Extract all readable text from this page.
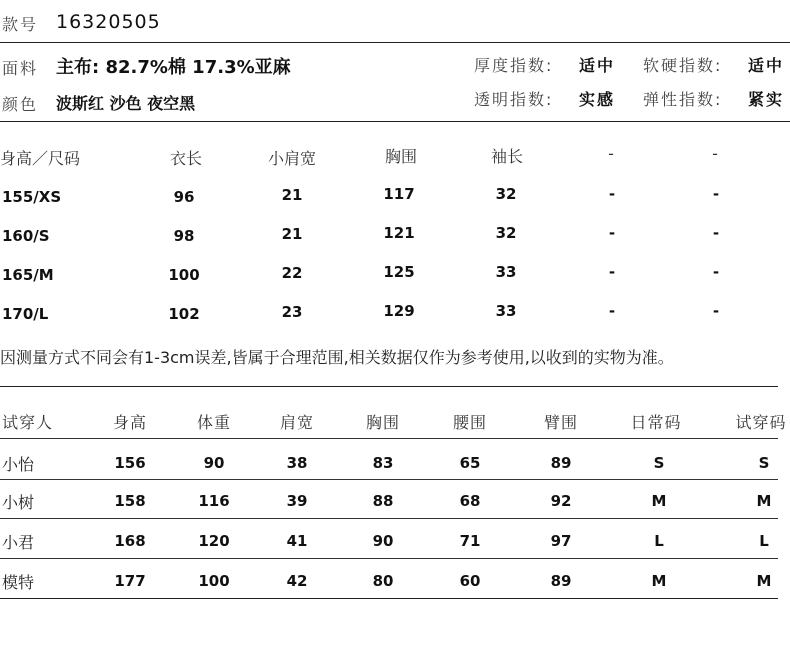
款号 16320505
面料 主布: 82.7%棉 17.3%亚麻	厚度指数: 适中 软硬指数: 适中
颜色 波斯红 沙色 夜空黑	透明指数: 实感 弹性指数: 紧实
身高／尺码	衣长	小肩宽	胸围	袖长	-	-
155/XS	96	21	117	32	-	-
160/S	98	21	121	32	-	-
165/M	100	22	125	33	-	-
170/L	102	23	129	33	-	-
因测量方式不同会有1-3cm误差,皆属于合理范围,相关数据仅作为参考使用,以收到的实物为准。
试穿人	身高	体重	肩宽	胸围	腰围	臂围	日常码	试穿码
小怡	156	90	38	83	65	89	S	S
小树	158	116	39	88	68	92	M	M
小君	168	120	41	90	71	97	L	L
模特	177	100	42	80	60	89	M	M
